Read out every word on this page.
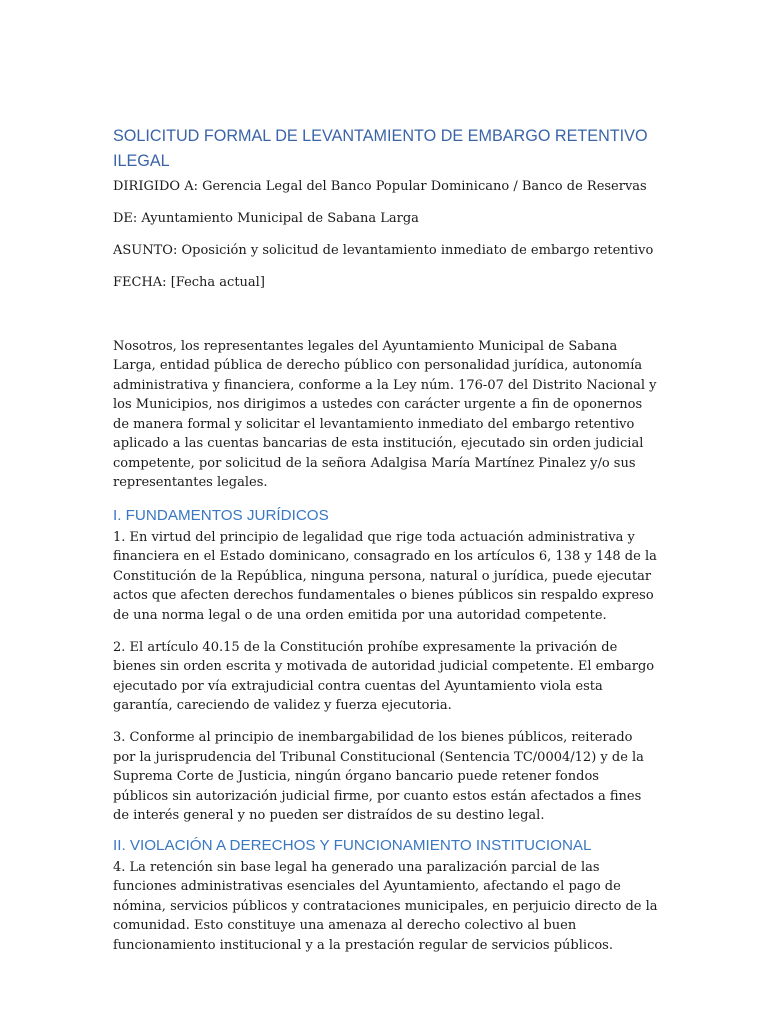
SOLICITUD FORMAL DE LEVANTAMIENTO DE EMBARGO RETENTIVO ILEGAL

DIRIGIDO A: Gerencia Legal del Banco Popular Dominicano / Banco de Reservas

DE: Ayuntamiento Municipal de Sabana Larga

ASUNTO: Oposición y solicitud de levantamiento inmediato de embargo retentivo

FECHA: [Fecha actual]

Nosotros, los representantes legales del Ayuntamiento Municipal de Sabana Larga, entidad pública de derecho público con personalidad jurídica, autonomía administrativa y financiera, conforme a la Ley núm. 176-07 del Distrito Nacional y los Municipios, nos dirigimos a ustedes con carácter urgente a fin de oponernos de manera formal y solicitar el levantamiento inmediato del embargo retentivo aplicado a las cuentas bancarias de esta institución, ejecutado sin orden judicial competente, por solicitud de la señora Adalgisa María Martínez Pinalez y/o sus representantes legales.

I. FUNDAMENTOS JURÍDICOS

1. En virtud del principio de legalidad que rige toda actuación administrativa y financiera en el Estado dominicano, consagrado en los artículos 6, 138 y 148 de la Constitución de la República, ninguna persona, natural o jurídica, puede ejecutar actos que afecten derechos fundamentales o bienes públicos sin respaldo expreso de una norma legal o de una orden emitida por una autoridad competente.

2. El artículo 40.15 de la Constitución prohíbe expresamente la privación de bienes sin orden escrita y motivada de autoridad judicial competente. El embargo ejecutado por vía extrajudicial contra cuentas del Ayuntamiento viola esta garantía, careciendo de validez y fuerza ejecutoria.

3. Conforme al principio de inembargabilidad de los bienes públicos, reiterado por la jurisprudencia del Tribunal Constitucional (Sentencia TC/0004/12) y de la Suprema Corte de Justicia, ningún órgano bancario puede retener fondos públicos sin autorización judicial firme, por cuanto estos están afectados a fines de interés general y no pueden ser distraídos de su destino legal.

II. VIOLACIÓN A DERECHOS Y FUNCIONAMIENTO INSTITUCIONAL

4. La retención sin base legal ha generado una paralización parcial de las funciones administrativas esenciales del Ayuntamiento, afectando el pago de nómina, servicios públicos y contrataciones municipales, en perjuicio directo de la comunidad. Esto constituye una amenaza al derecho colectivo al buen funcionamiento institucional y a la prestación regular de servicios públicos.
